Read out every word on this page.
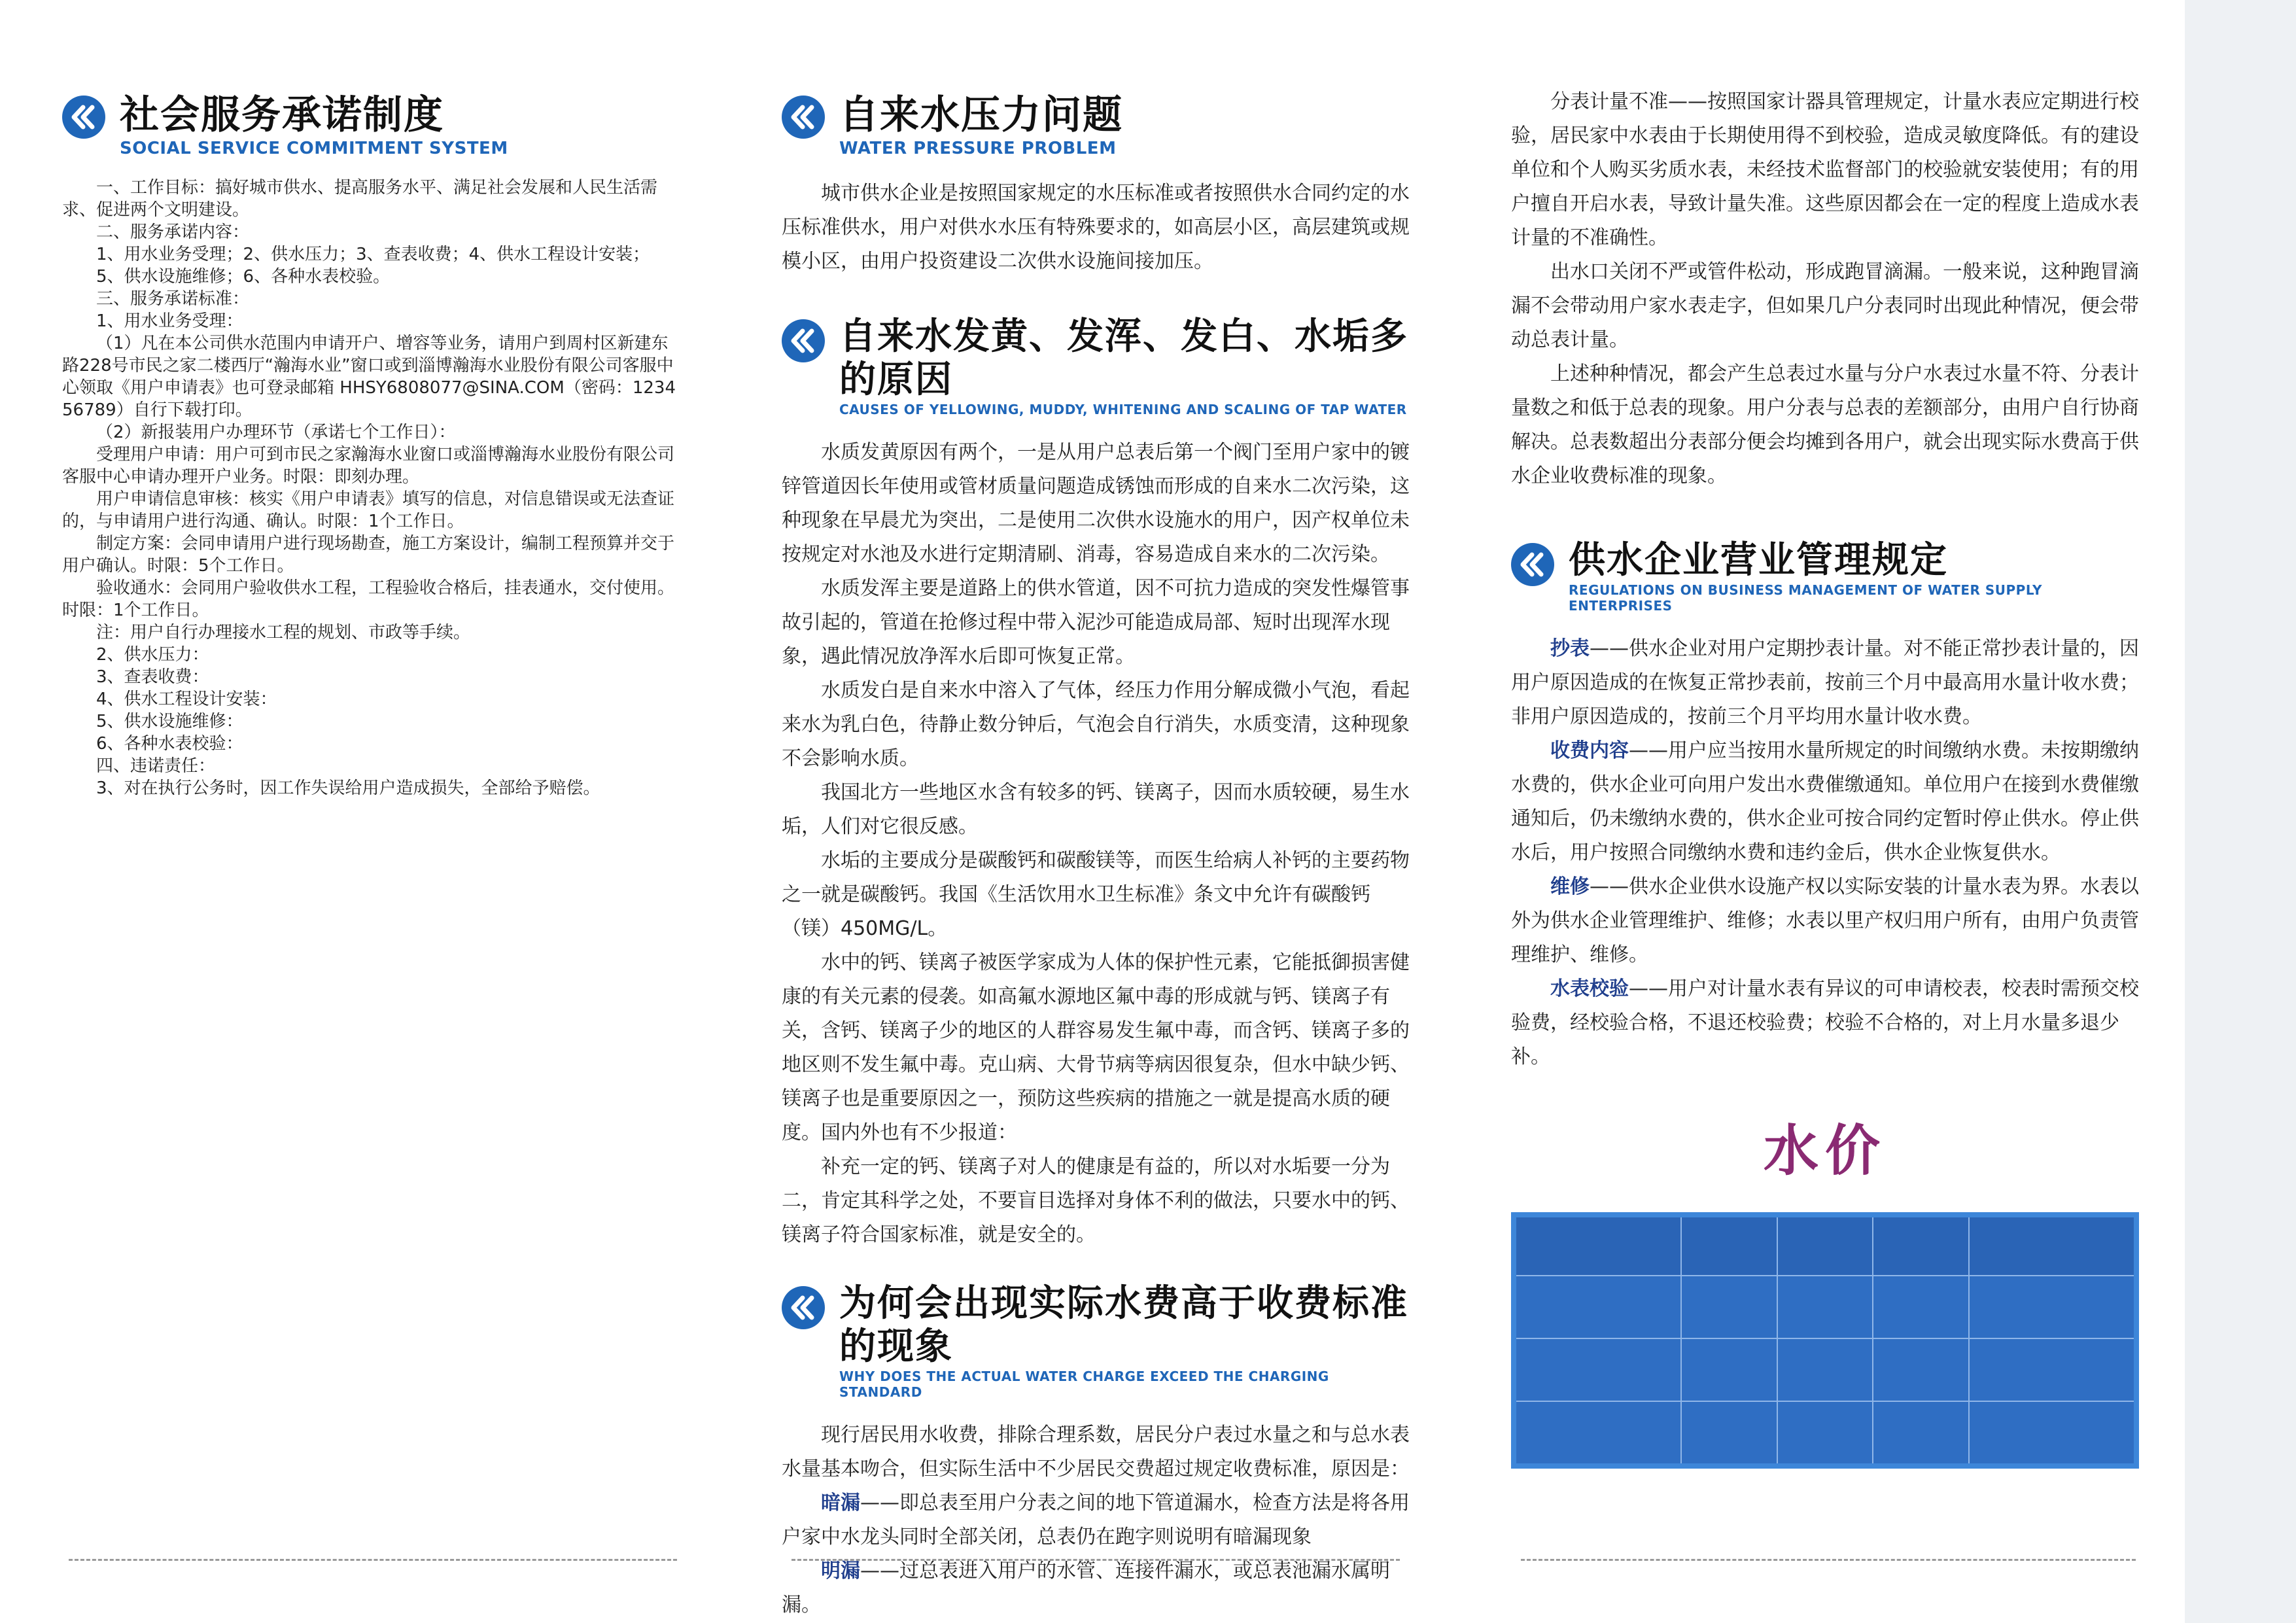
社会服务承诺制度
SOCIAL SERVICE COMMITMENT SYSTEM

一、工作目标：搞好城市供水、提高服务水平、满足社会发展和人民生活需求、促进两个文明建设。

二、服务承诺内容：

1、用水业务受理；2、供水压力；3、查表收费；4、供水工程设计安装；

5、供水设施维修；6、各种水表校验。

三、服务承诺标准：

1、用水业务受理：

（1）凡在本公司供水范围内申请开户、增容等业务，请用户到周村区新建东路228号市民之家二楼西厅“瀚海水业”窗口或到淄博瀚海水业股份有限公司客服中心领取《用户申请表》也可登录邮箱 HHSY6808077@SINA.COM（密码：123456789）自行下载打印。

（2）新报装用户办理环节（承诺七个工作日）：

受理用户申请：用户可到市民之家瀚海水业窗口或淄博瀚海水业股份有限公司客服中心申请办理开户业务。时限：即刻办理。

用户申请信息审核：核实《用户申请表》填写的信息，对信息错误或无法查证的，与申请用户进行沟通、确认。时限：1个工作日。

制定方案：会同申请用户进行现场勘查，施工方案设计，编制工程预算并交于用户确认。时限：5个工作日。

验收通水：会同用户验收供水工程，工程验收合格后，挂表通水，交付使用。时限：1个工作日。

注：用户自行办理接水工程的规划、市政等手续。

2、供水压力：

3、查表收费：

4、供水工程设计安装：

5、供水设施维修：

6、各种水表校验：

四、违诺责任：

3、对在执行公务时，因工作失误给用户造成损失，全部给予赔偿。

自来水压力问题
WATER PRESSURE PROBLEM

城市供水企业是按照国家规定的水压标准或者按照供水合同约定的水压标准供水，用户对供水水压有特殊要求的，如高层小区，高层建筑或规模小区，由用户投资建设二次供水设施间接加压。

自来水发黄、发浑、发白、水垢多的原因
CAUSES OF YELLOWING, MUDDY, WHITENING AND SCALING OF TAP WATER

水质发黄原因有两个，一是从用户总表后第一个阀门至用户家中的镀锌管道因长年使用或管材质量问题造成锈蚀而形成的自来水二次污染，这种现象在早晨尤为突出，二是使用二次供水设施水的用户，因产权单位未按规定对水池及水进行定期清刷、消毒，容易造成自来水的二次污染。

水质发浑主要是道路上的供水管道，因不可抗力造成的突发性爆管事故引起的，管道在抢修过程中带入泥沙可能造成局部、短时出现浑水现象，遇此情况放净浑水后即可恢复正常。

水质发白是自来水中溶入了气体，经压力作用分解成微小气泡，看起来水为乳白色，待静止数分钟后，气泡会自行消失，水质变清，这种现象不会影响水质。

我国北方一些地区水含有较多的钙、镁离子，因而水质较硬，易生水垢，人们对它很反感。

水垢的主要成分是碳酸钙和碳酸镁等，而医生给病人补钙的主要药物之一就是碳酸钙。我国《生活饮用水卫生标准》条文中允许有碳酸钙（镁）450MG/L。

水中的钙、镁离子被医学家成为人体的保护性元素，它能抵御损害健康的有关元素的侵袭。如高氟水源地区氟中毒的形成就与钙、镁离子有关，含钙、镁离子少的地区的人群容易发生氟中毒，而含钙、镁离子多的地区则不发生氟中毒。克山病、大骨节病等病因很复杂，但水中缺少钙、镁离子也是重要原因之一，预防这些疾病的措施之一就是提高水质的硬度。国内外也有不少报道：

补充一定的钙、镁离子对人的健康是有益的，所以对水垢要一分为二，肯定其科学之处，不要盲目选择对身体不利的做法，只要水中的钙、镁离子符合国家标准，就是安全的。

为何会出现实际水费高于收费标准的现象
WHY DOES THE ACTUAL WATER CHARGE EXCEED THE CHARGING STANDARD

现行居民用水收费，排除合理系数，居民分户表过水量之和与总水表水量基本吻合，但实际生活中不少居民交费超过规定收费标准，原因是：

暗漏——即总表至用户分表之间的地下管道漏水，检查方法是将各用户家中水龙头同时全部关闭，总表仍在跑字则说明有暗漏现象

明漏——过总表进入用户的水管、连接件漏水，或总表池漏水属明漏。

分表计量不准——按照国家计器具管理规定，计量水表应定期进行校验，居民家中水表由于长期使用得不到校验，造成灵敏度降低。有的建设单位和个人购买劣质水表，未经技术监督部门的校验就安装使用；有的用户擅自开启水表，导致计量失准。这些原因都会在一定的程度上造成水表计量的不准确性。

出水口关闭不严或管件松动，形成跑冒滴漏。一般来说，这种跑冒滴漏不会带动用户家水表走字，但如果几户分表同时出现此种情况，便会带动总表计量。

上述种种情况，都会产生总表过水量与分户水表过水量不符、分表计量数之和低于总表的现象。用户分表与总表的差额部分，由用户自行协商解决。总表数超出分表部分便会均摊到各用户，就会出现实际水费高于供水企业收费标准的现象。

供水企业营业管理规定
REGULATIONS ON BUSINESS MANAGEMENT OF WATER SUPPLY ENTERPRISES

抄表——供水企业对用户定期抄表计量。对不能正常抄表计量的，因用户原因造成的在恢复正常抄表前，按前三个月中最高用水量计收水费；非用户原因造成的，按前三个月平均用水量计收水费。

收费内容——用户应当按用水量所规定的时间缴纳水费。未按期缴纳水费的，供水企业可向用户发出水费催缴通知。单位用户在接到水费催缴通知后，仍未缴纳水费的，供水企业可按合同约定暂时停止供水。停止供水后，用户按照合同缴纳水费和违约金后，供水企业恢复供水。

维修——供水企业供水设施产权以实际安装的计量水表为界。水表以外为供水企业管理维护、维修；水表以里产权归用户所有，由用户负责管理维护、维修。

水表校验——用户对计量水表有异议的可申请校表，校表时需预交校验费，经校验合格，不退还校验费；校验不合格的，对上月水量多退少补。

水价
